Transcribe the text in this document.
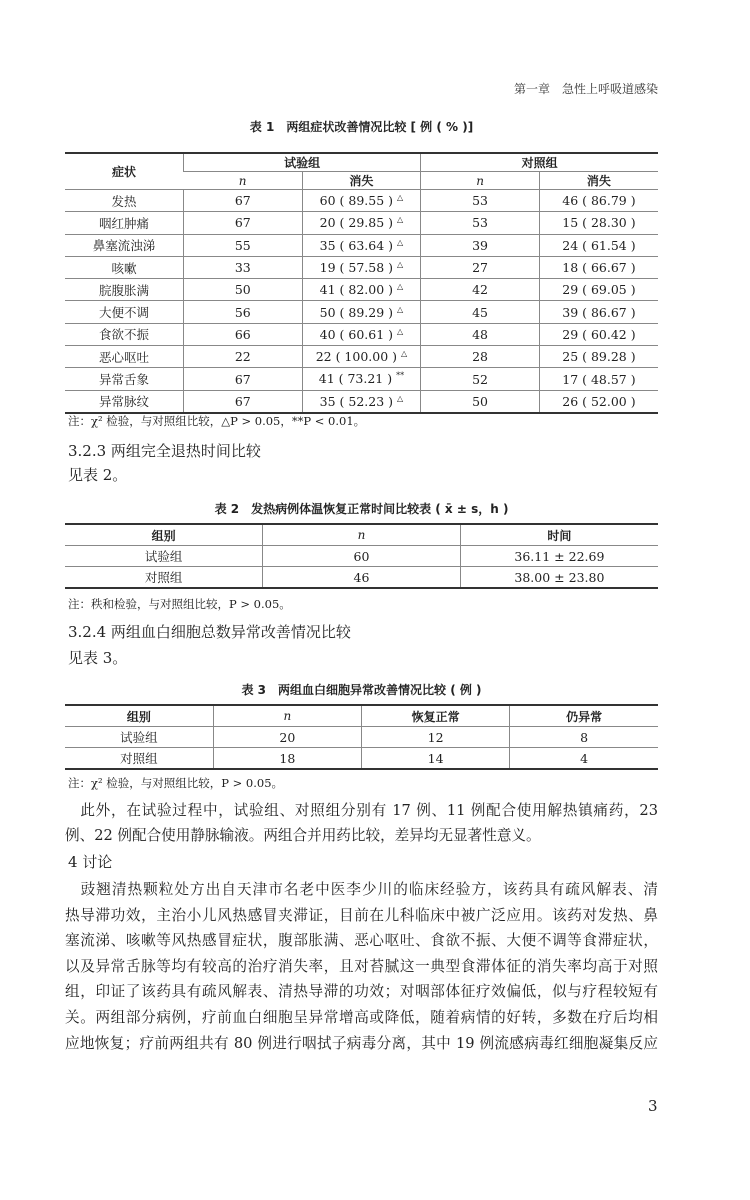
第一章　急性上呼吸道感染
表 1　两组症状改善情况比较 [ 例 ( % )]
症状	试验组		对照组	
	n	消失	n	消失
发热	67	60 ( 89.55 ) △	53	46 ( 86.79 )
咽红肿痛	67	20 ( 29.85 ) △	53	15 ( 28.30 )
鼻塞流浊涕	55	35 ( 63.64 ) △	39	24 ( 61.54 )
咳嗽	33	19 ( 57.58 ) △	27	18 ( 66.67 )
脘腹胀满	50	41 ( 82.00 ) △	42	29 ( 69.05 )
大便不调	56	50 ( 89.29 ) △	45	39 ( 86.67 )
食欲不振	66	40 ( 60.61 ) △	48	29 ( 60.42 )
恶心呕吐	22	22 ( 100.00 ) △	28	25 ( 89.28 )
异常舌象	67	41 ( 73.21 ) **	52	17 ( 48.57 )
异常脉纹	67	35 ( 52.23 ) △	50	26 ( 52.00 )
注：χ² 检验，与对照组比较，△P > 0.05，**P < 0.01。
3.2.3 两组完全退热时间比较
见表 2。
表 2　发热病例体温恢复正常时间比较表 ( x̄ ± s，h )
组别	n	时间
试验组	60	36.11 ± 22.69
对照组	46	38.00 ± 23.80
注：秩和检验，与对照组比较，P > 0.05。
3.2.4 两组血白细胞总数异常改善情况比较
见表 3。
表 3　两组血白细胞异常改善情况比较 ( 例 )
组别	n	恢复正常	仍异常
试验组	20	12	8
对照组	18	14	4
注：χ² 检验，与对照组比较，P > 0.05。
　此外，在试验过程中，试验组、对照组分别有 17 例、11 例配合使用解热镇痛药，23
例、22 例配合使用静脉输液。两组合并用药比较，差异均无显著性意义。
4 讨论
　豉翘清热颗粒处方出自天津市名老中医李少川的临床经验方，该药具有疏风解表、清
热导滞功效，主治小儿风热感冒夹滞证，目前在儿科临床中被广泛应用。该药对发热、鼻
塞流涕、咳嗽等风热感冒症状，腹部胀满、恶心呕吐、食欲不振、大便不调等食滞症状，
以及异常舌脉等均有较高的治疗消失率，且对苔腻这一典型食滞体征的消失率均高于对照
组，印证了该药具有疏风解表、清热导滞的功效；对咽部体征疗效偏低，似与疗程较短有
关。两组部分病例，疗前血白细胞呈异常增高或降低，随着病情的好转，多数在疗后均相
应地恢复；疗前两组共有 80 例进行咽拭子病毒分离，其中 19 例流感病毒红细胞凝集反应
3
